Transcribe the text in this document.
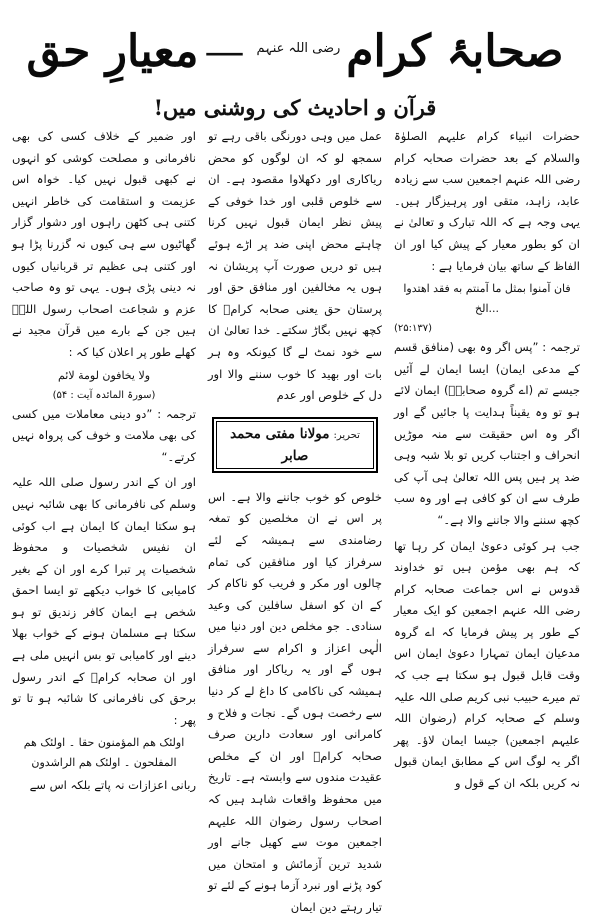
صحابۂ کرامرضی اللہ عنہم—معیارِ حق
قرآن و احادیث کی روشنی میں!

حضرات انبیاء کرام علیہم الصلوٰۃ والسلام کے بعد حضرات صحابہ کرام رضی اللہ عنہم اجمعین سب سے زیادہ عابد، زاہد، متقی اور پرہیزگار ہیں۔ یہی وجہ ہے کہ اللہ تبارک و تعالیٰ نے ان کو بطور معیار کے پیش کیا اور ان الفاظ کے ساتھ بیان فرمایا ہے :

فان آمنوا بمثل ما آمنتم به فقد اهتدوا ...الخ

(۲۵:۱۳۷)

ترجمہ : ”پس اگر وہ بھی (منافق قسم کے مدعی ایمان) ایسا ایمان لے آئیں جیسے تم (اے گروہ صحابہؓ) ایمان لائے ہو تو وہ یقیناً ہدایت پا جائیں گے اور اگر وہ اس حقیقت سے منہ موڑیں انحراف و اجتناب کریں تو بلا شبہ وہی ضد پر ہیں پس اللہ تعالیٰ ہی آپ کی طرف سے ان کو کافی ہے اور وہ سب کچھ سننے والا جاننے والا ہے۔“

جب ہر کوئی دعویٰ ایمان کر رہا تھا کہ ہم بھی مؤمن ہیں تو خداوند قدوس نے اس جماعت صحابہ کرام رضی اللہ عنہم اجمعین کو ایک معیار کے طور پر پیش فرمایا کہ اے گروہ مدعیان ایمان تمہارا دعویٰ ایمان اس وقت قابل قبول ہو سکتا ہے جب کہ تم میرے حبیب نبی کریم صلی اللہ علیہ وسلم کے صحابہ کرام (رضوان اللہ علیہم اجمعین) جیسا ایمان لاؤ۔ پھر اگر یہ لوگ اس کے مطابق ایمان قبول نہ کریں بلکہ ان کے قول و

عمل میں وہی دورنگی باقی رہے تو سمجھ لو کہ ان لوگوں کو محض ریاکاری اور دکھلاوا مقصود ہے۔ ان سے خلوص قلبی اور خدا خوفی کے پیش نظر ایمان قبول نہیں کرنا چاہتے محض اپنی ضد پر اڑے ہوئے ہیں تو دریں صورت آپ پریشان نہ ہوں یہ مخالفین اور منافق حق اور پرستان حق یعنی صحابہ کرامؓ کا کچھ نہیں بگاڑ سکتے۔ خدا تعالیٰ ان سے خود نمٹ لے گا کیونکہ وہ ہر بات اور بھید کا خوب سننے والا اور دل کے خلوص اور عدم

تحریر:مولانا مفتی محمد صابر

خلوص کو خوب جاننے والا ہے۔ اس پر اس نے ان مخلصین کو تمغہ رضامندی سے ہمیشہ کے لئے سرفراز کیا اور منافقین کی تمام چالوں اور مکر و فریب کو ناکام کر کے ان کو اسفل سافلین کی وعید سنادی۔ جو مخلص دین اور دنیا میں الٰہی اعزاز و اکرام سے سرفراز ہوں گے اور یہ ریاکار اور منافق ہمیشہ کی ناکامی کا داغ لے کر دنیا سے رخصت ہوں گے۔ نجات و فلاح و کامرانی اور سعادت دارین صرف صحابہ کرامؓ اور ان کے مخلص عقیدت مندوں سے وابستہ ہے۔ تاریخ میں محفوظ واقعات شاہد ہیں کہ اصحاب رسول رضوان اللہ علیہم اجمعین موت سے کھیل جانے اور شدید ترین آزمائش و امتحان میں کود پڑنے اور نبرد آزما ہونے کے لئے تو تیار رہتے دین ایمان

اور ضمیر کے خلاف کسی کی بھی نافرمانی و مصلحت کوشی کو انہوں نے کبھی قبول نہیں کیا۔ خواہ اس عزیمت و استقامت کی خاطر انہیں کتنی ہی کٹھن راہوں اور دشوار گزار گھاٹیوں سے ہی کیوں نہ گزرنا پڑا ہو اور کتنی ہی عظیم تر قربانیاں کیوں نہ دینی پڑی ہوں۔ یہی تو وہ صاحب عزم و شجاعت اصحاب رسول اللہؐ ہیں جن کے بارے میں قرآن مجید نے کھلے طور پر اعلان کیا کہ :

ولا یخافون لومة لائم

(سورۃ المائدہ آیت : ۵۴)

ترجمہ : ”دو دینی معاملات میں کسی کی بھی ملامت و خوف کی پرواہ نہیں کرتے۔“

اور ان کے اندر رسول صلی اللہ علیہ وسلم کی نافرمانی کا بھی شائبہ نہیں ہو سکتا ایمان کا ایمان ہے اب کوئی ان نفیس شخصیات و محفوظ شخصیات پر تبرا کرے اور ان کے بغیر کامیابی کا خواب دیکھے تو ایسا احمق شخص ہے ایمان کافر زندیق تو ہو سکتا ہے مسلمان ہونے کے خواب بھلا دینے اور کامیابی تو بس انہیں ملی ہے اور ان صحابہ کرامؓ کے اندر رسول برحق کی نافرمانی کا شائبہ ہو تا تو پھر :

اولئک هم المؤمنون حقا ۔ اولئک هم المفلحون ۔ اولئک هم الراشدون

ربانی اعزازات نہ پاتے بلکہ اس سے
